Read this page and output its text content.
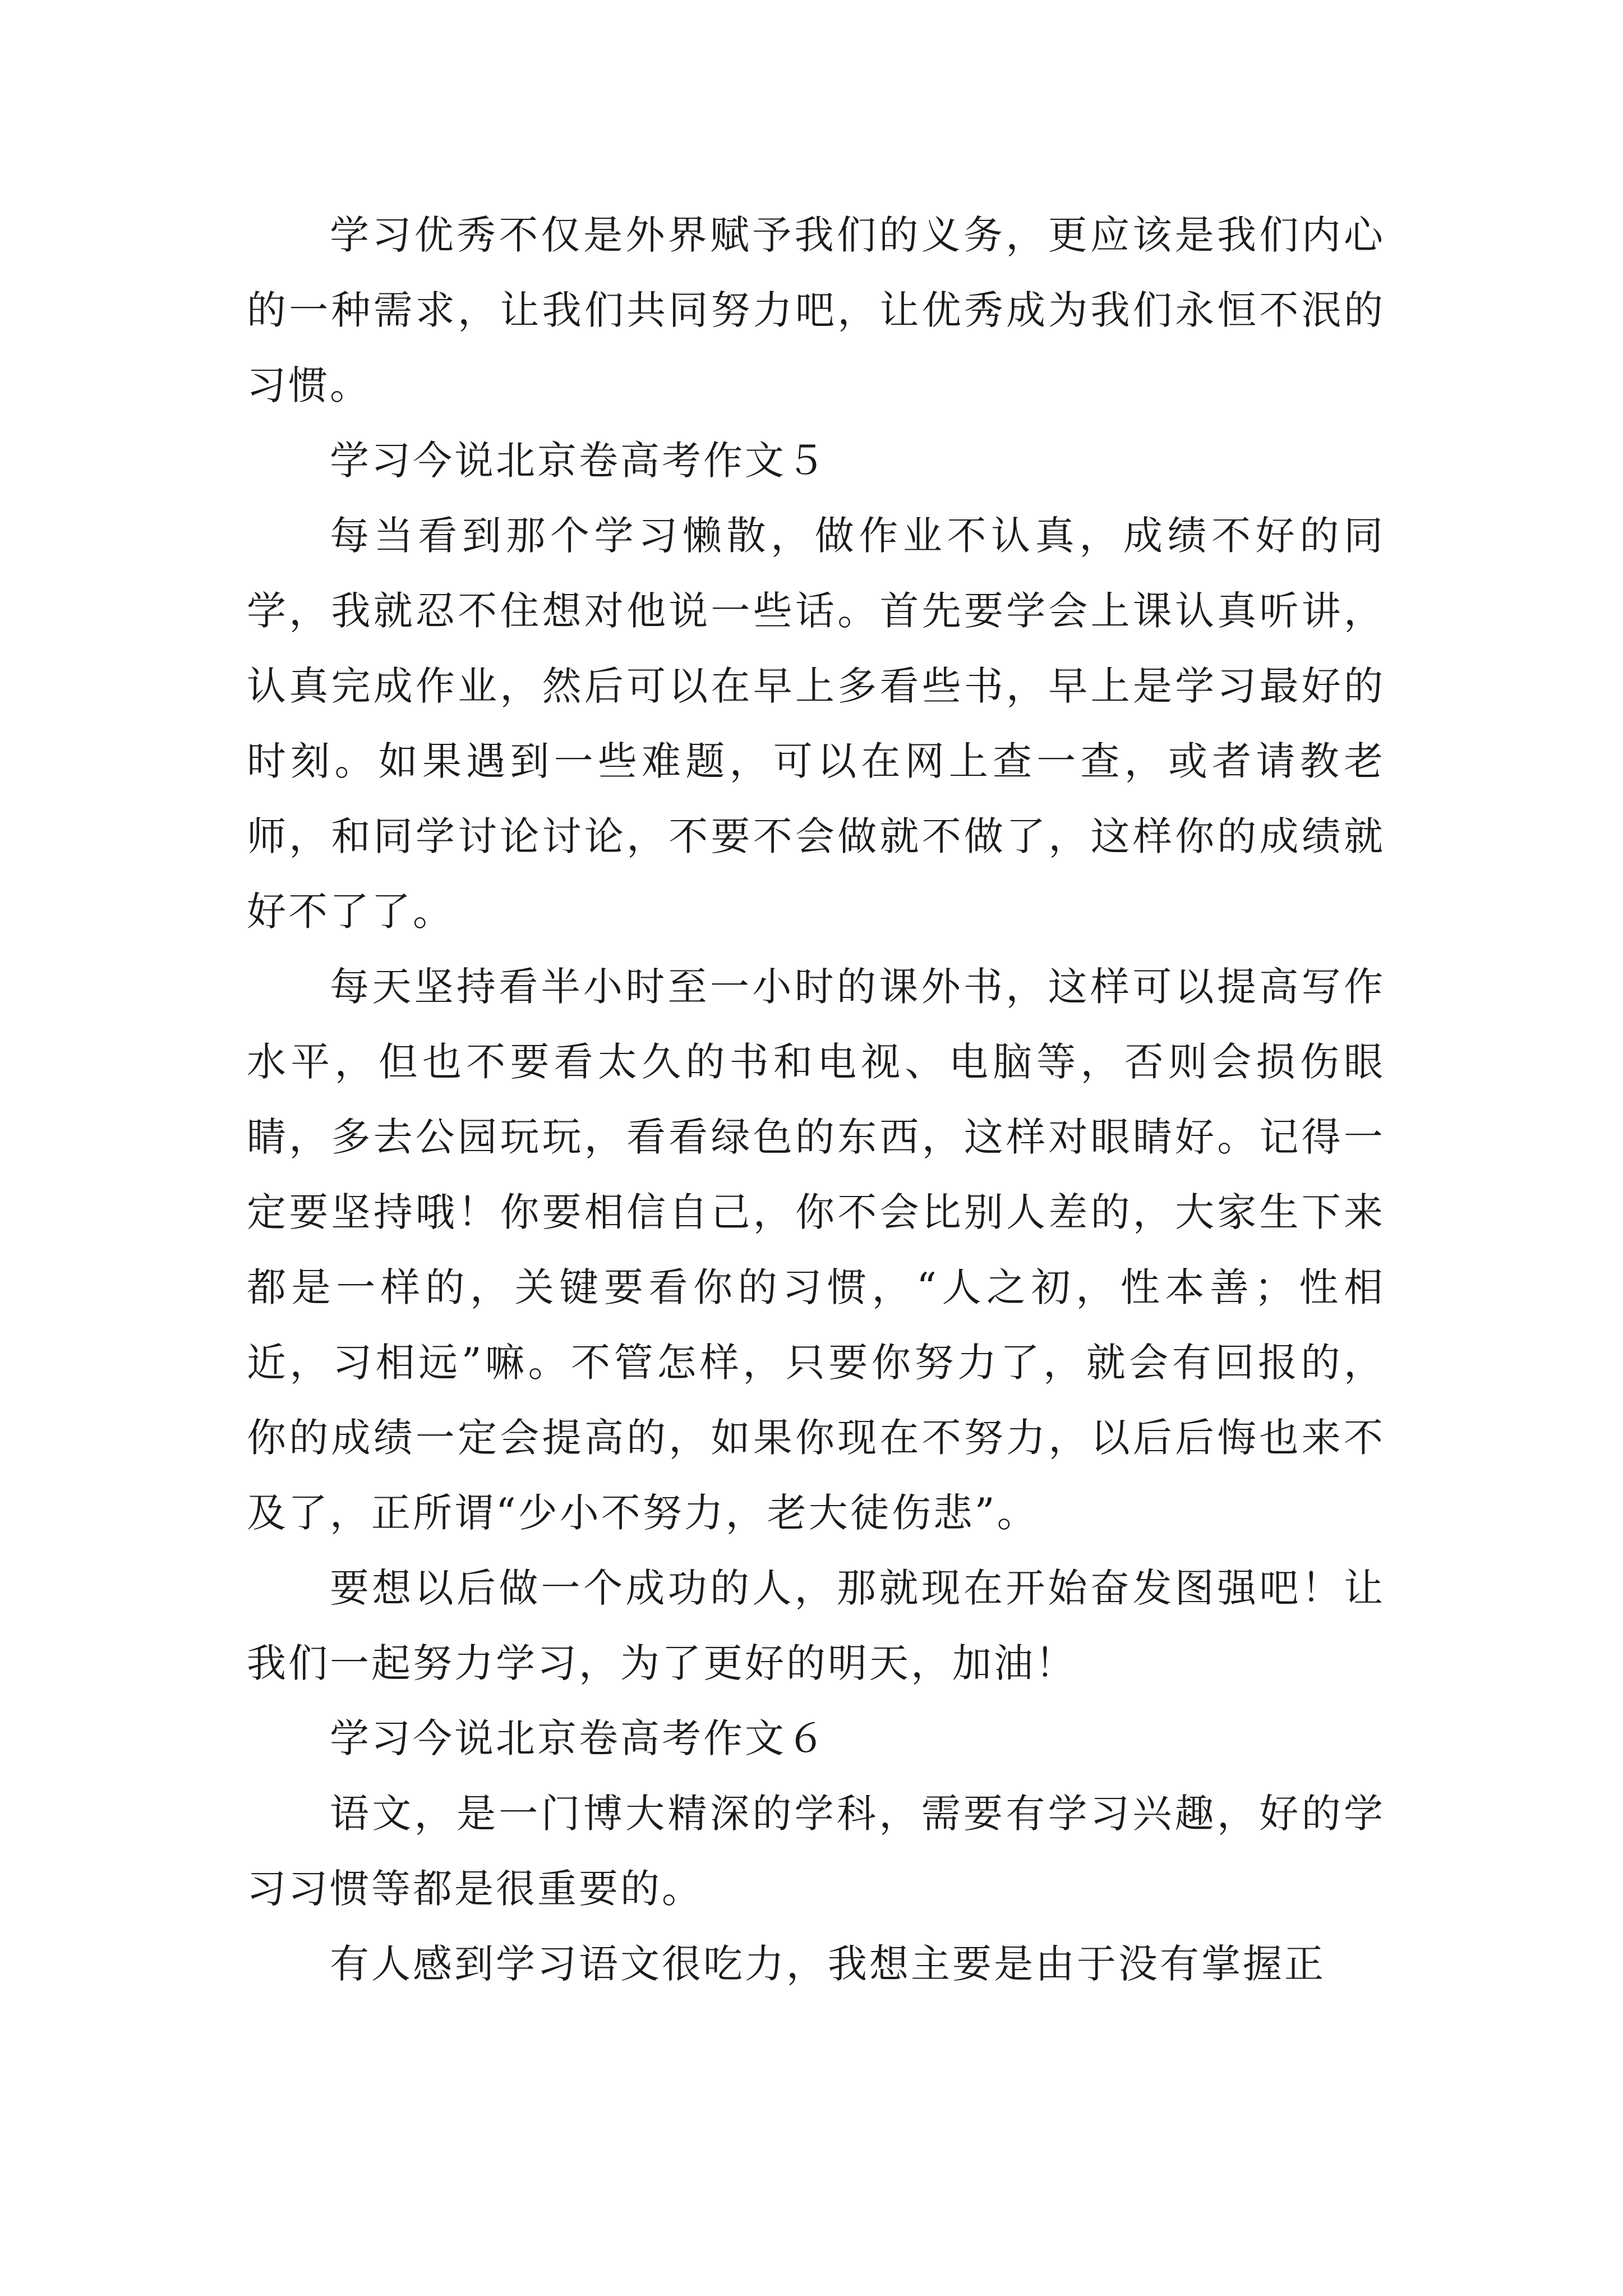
学习优秀不仅是外界赋予我们的义务，更应该是我们内心的一种需求，让我们共同努力吧，让优秀成为我们永恒不泯的习惯。

学习今说北京卷高考作文５

每当看到那个学习懒散，做作业不认真，成绩不好的同学，我就忍不住想对他说一些话。首先要学会上课认真听讲，认真完成作业，然后可以在早上多看些书，早上是学习最好的时刻。如果遇到一些难题，可以在网上查一查，或者请教老师，和同学讨论讨论，不要不会做就不做了，这样你的成绩就好不了了。

每天坚持看半小时至一小时的课外书，这样可以提高写作水平，但也不要看太久的书和电视、电脑等，否则会损伤眼睛，多去公园玩玩，看看绿色的东西，这样对眼睛好。记得一定要坚持哦！你要相信自己，你不会比别人差的，大家生下来都是一样的，关键要看你的习惯，“人之初，性本善；性相近，习相远”嘛。不管怎样，只要你努力了，就会有回报的，你的成绩一定会提高的，如果你现在不努力，以后后悔也来不及了，正所谓“少小不努力，老大徒伤悲”。

要想以后做一个成功的人，那就现在开始奋发图强吧！让我们一起努力学习，为了更好的明天，加油！

学习今说北京卷高考作文６

语文，是一门博大精深的学科，需要有学习兴趣，好的学习习惯等都是很重要的。

有人感到学习语文很吃力，我想主要是由于没有掌握正
